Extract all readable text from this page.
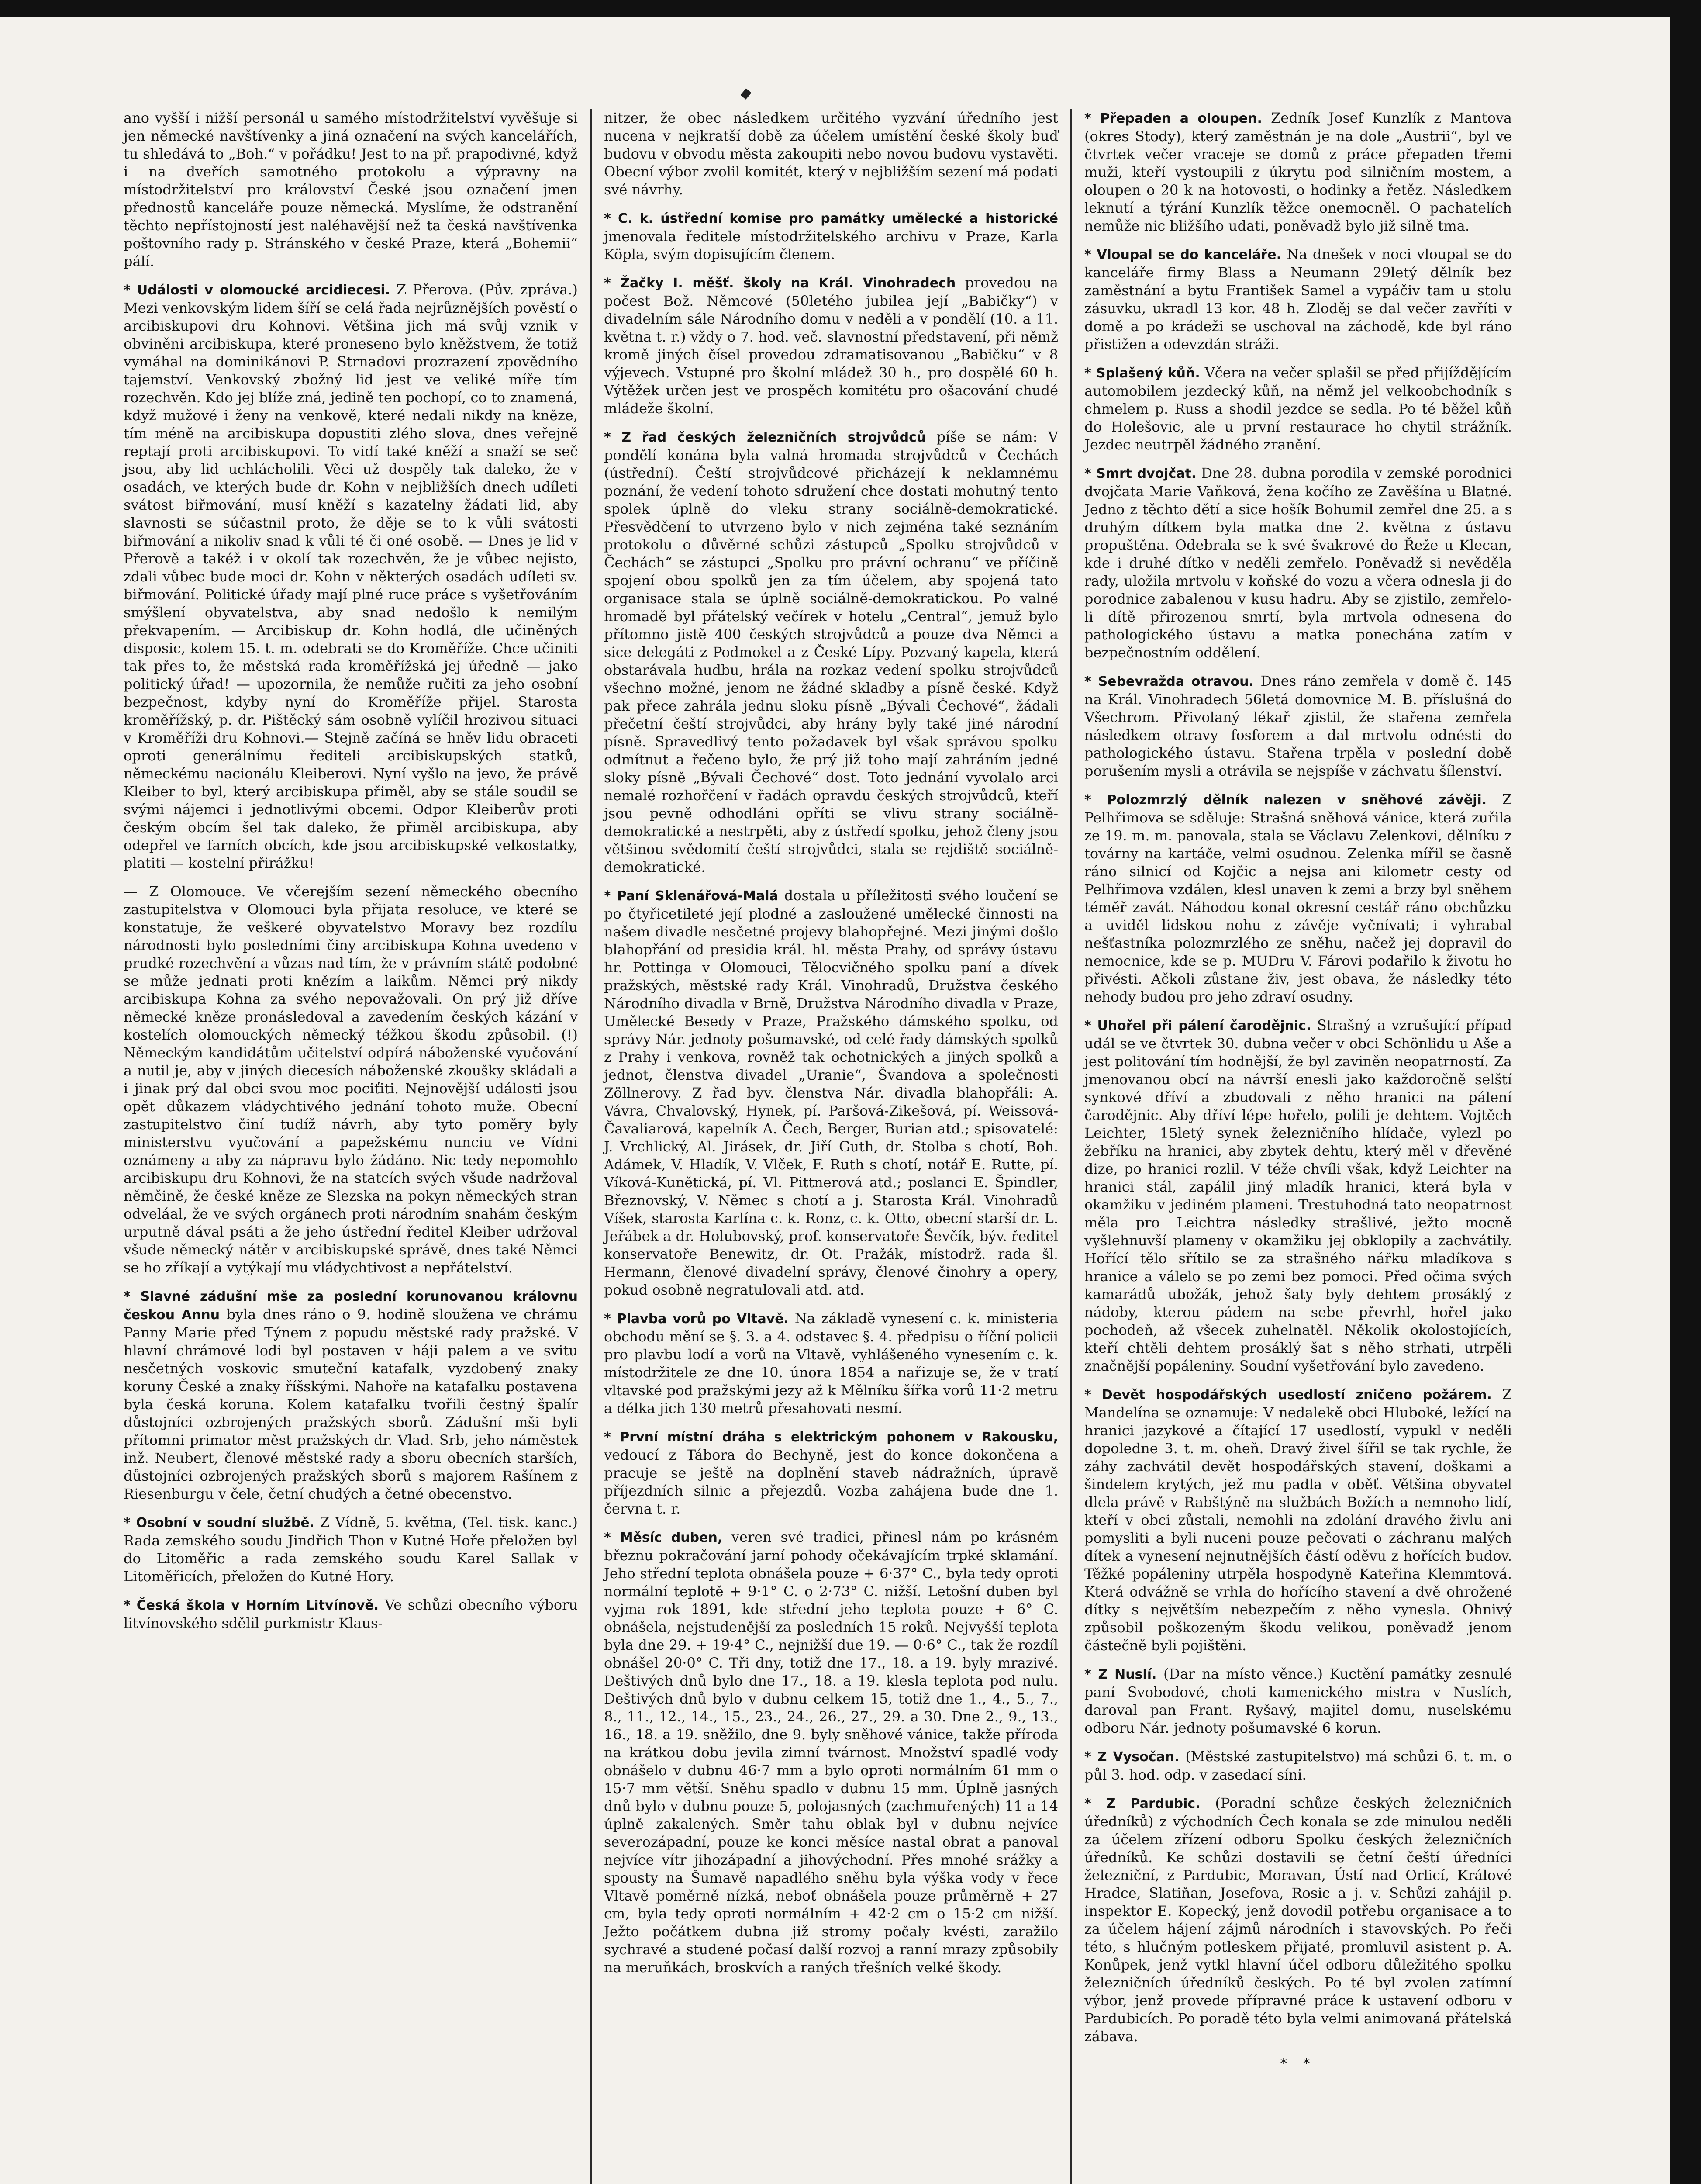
ano vyšší i nižší personál u samého místodržitelství vyvěšuje si jen německé navštívenky a jiná označení na svých kancelářích, tu shledává to „Boh.“ v pořádku! Jest to na př. prapodivné, když i na dveřích samotného protokolu a výpravny na místodržitelství pro království České jsou označení jmen přednostů kanceláře pouze německá. Myslíme, že odstranění těchto nepřístojností jest naléhavější než ta česká navštívenka poštovního rady p. Stránského v české Praze, která „Bohemii“ pálí.

* Události v olomoucké arcidiecesi. Z Přerova. (Pův. zpráva.) Mezi venkovským lidem šíří se celá řada nejrůznějších pověstí o arcibiskupovi dru Kohnovi. Většina jich má svůj vznik v obviněni arcibiskupa, které proneseno bylo kněžstvem, že totiž vymáhal na dominikánovi P. Strnadovi prozrazení zpovědního tajemství. Venkovský zbožný lid jest ve veliké míře tím rozechvěn. Kdo jej blíže zná, jedině ten pochopí, co to znamená, když mužové i ženy na venkově, které nedali nikdy na kněze, tím méně na arcibiskupa dopustiti zlého slova, dnes veřejně reptají proti arcibiskupovi. To vidí také kněží a snaží se seč jsou, aby lid uchlácholili. Věci už dospěly tak daleko, že v osadách, ve kterých bude dr. Kohn v nejbližších dnech udíleti svátost biřmování, musí kněží s kazatelny žádati lid, aby slavnosti se súčastnil proto, že děje se to k vůli svátosti biřmování a nikoliv snad k vůli té či oné osobě. — Dnes je lid v Přerově a takéž i v okolí tak rozechvěn, že je vůbec nejisto, zdali vůbec bude moci dr. Kohn v některých osadách udíleti sv. biřmování. Politické úřady mají plné ruce práce s vyšetřováním smýšlení obyvatelstva, aby snad nedošlo k nemilým překvapením. — Arcibiskup dr. Kohn hodlá, dle učiněných disposic, kolem 15. t. m. odebrati se do Kroměříže. Chce učiniti tak přes to, že městská rada kroměřížská jej úředně — jako politický úřad! — upozornila, že nemůže ručiti za jeho osobní bezpečnost, kdyby nyní do Kroměříže přijel. Starosta kroměřížský, p. dr. Pištěcký sám osobně vylíčil hrozivou situaci v Kroměříži dru Kohnovi.— Stejně začíná se hněv lidu obraceti oproti generálnímu řediteli arcibiskupských statků, německému nacionálu Kleiberovi. Nyní vyšlo na jevo, že právě Kleiber to byl, který arcibiskupa přiměl, aby se stále soudil se svými nájemci i jednotlivými obcemi. Odpor Kleiberův proti českým obcím šel tak daleko, že přiměl arcibiskupa, aby odepřel ve farních obcích, kde jsou arcibiskupské velkostatky, platiti — kostelní přirážku!

— Z Olomouce. Ve včerejším sezení německého obecního zastupitelstva v Olomouci byla přijata resoluce, ve které se konstatuje, že veškeré obyvatelstvo Moravy bez rozdílu národnosti bylo posledními činy arcibiskupa Kohna uvedeno v prudké rozechvění a vůzas nad tím, že v právním státě podobné se může jednati proti knězím a laikům. Němci prý nikdy arcibiskupa Kohna za svého nepovažovali. On prý již dříve německé kněze pronásledoval a zavedením českých kázání v kostelích olomouckých německý téžkou škodu způsobil. (!) Německým kandidátům učitelství odpírá náboženské vyučování a nutil je, aby v jiných diecesích náboženské zkoušky skládali a i jinak prý dal obci svou moc pociťiti. Nejnovější události jsou opět důkazem vládychtivého jednání tohoto muže. Obecní zastupitelstvo činí tudíž návrh, aby tyto poměry byly ministerstvu vyučování a papežskému nunciu ve Vídni oznámeny a aby za nápravu bylo žádáno. Nic tedy nepomohlo arcibiskupu dru Kohnovi, že na statcích svých všude nadržoval němčině, že české kněze ze Slezska na pokyn německých stran odveláal, že ve svých orgánech proti národním snahám českým urputně dával psáti a že jeho ústřední ředitel Kleiber udržoval všude německý nátěr v arcibiskupské správě, dnes také Němci se ho zříkají a vytýkají mu vládychtivost a nepřátelství.

* Slavné zádušní mše za poslední korunovanou královnu českou Annu byla dnes ráno o 9. hodině sloužena ve chrámu Panny Marie před Týnem z popudu městské rady pražské. V hlavní chrámové lodi byl postaven v háji palem a ve svitu nesčetných voskovic smuteční katafalk, vyzdobený znaky koruny České a znaky říšskými. Nahoře na katafalku postavena byla česká koruna. Kolem katafalku tvořili čestný špalír důstojníci ozbrojených pražských sborů. Zádušní mši byli přítomni primator měst pražských dr. Vlad. Srb, jeho náměstek inž. Neubert, členové městské rady a sboru obecních starších, důstojníci ozbrojených pražských sborů s majorem Rašínem z Riesenburgu v čele, četní chudých a četné obecenstvo.

* Osobní v soudní službě. Z Vídně, 5. května, (Tel. tisk. kanc.) Rada zemského soudu Jindřich Thon v Kutné Hoře přeložen byl do Litoměřic a rada zemského soudu Karel Sallak v Litoměřicích, přeložen do Kutné Hory.

* Česká škola v Horním Litvínově. Ve schůzi obecního výboru litvínovského sdělil purkmistr Klaus-

nitzer, že obec následkem určitého vyzvání úředního jest nucena v nejkratší době za účelem umístění české školy buď budovu v obvodu města zakoupiti nebo novou budovu vystavěti. Obecní výbor zvolil komitét, který v nejbližším sezení má podati své návrhy.

* C. k. ústřední komise pro památky umělecké a historické jmenovala ředitele místodržitelského archivu v Praze, Karla Köpla, svým dopisujícím členem.

* Žačky I. měšť. školy na Král. Vinohradech provedou na počest Bož. Němcové (50letého jubilea její „Babičky“) v divadelním sále Národního domu v neděli a v pondělí (10. a 11. května t. r.) vždy o 7. hod. več. slavnostní představení, při němž kromě jiných čísel provedou zdramatisovanou „Babičku“ v 8 výjevech. Vstupné pro školní mládež 30 h., pro dospělé 60 h. Výtěžek určen jest ve prospěch komitétu pro ošacování chudé mládeže školní.

* Z řad českých železničních strojvůdců píše se nám: V pondělí konána byla valná hromada strojvůdců v Čechách (ústřední). Čeští strojvůdcové přicházejí k neklamnému poznání, že vedení tohoto sdružení chce dostati mohutný tento spolek úplně do vleku strany sociálně-demokratické. Přesvědčení to utvrzeno bylo v nich zejména také seznáním protokolu o důvěrné schůzi zástupců „Spolku strojvůdců v Čechách“ se zástupci „Spolku pro právní ochranu“ ve příčině spojení obou spolků jen za tím účelem, aby spojená tato organisace stala se úplně sociálně-demokratickou. Po valné hromadě byl přátelský večírek v hotelu „Central“, jemuž bylo přítomno jistě 400 českých strojvůdců a pouze dva Němci a sice delegáti z Podmokel a z České Lípy. Pozvaný kapela, která obstarávala hudbu, hrála na rozkaz vedení spolku strojvůdců všechno možné, jenom ne žádné skladby a písně české. Když pak přece zahrála jednu sloku písně „Bývali Čechové“, žádali přečetní čeští strojvůdci, aby hrány byly také jiné národní písně. Spravedlivý tento požadavek byl však správou spolku odmítnut a řečeno bylo, že prý již toho mají zahráním jedné sloky písně „Bývali Čechové“ dost. Toto jednání vyvolalo arci nemalé rozhořčení v řadách opravdu českých strojvůdců, kteří jsou pevně odhodláni opříti se vlivu strany sociálně-demokratické a nestrpěti, aby z ústředí spolku, jehož členy jsou většinou svědomití čeští strojvůdci, stala se rejdiště sociálně-demokratické.

* Paní Sklenářová-Malá dostala u příležitosti svého loučení se po čtyřicetileté její plodné a zasloužené umělecké činnosti na našem divadle nesčetné projevy blahopřejné. Mezi jinými došlo blahopřání od presidia král. hl. města Prahy, od správy ústavu hr. Pottinga v Olomouci, Tělocvičného spolku paní a dívek pražských, městské rady Král. Vinohradů, Družstva českého Národního divadla v Brně, Družstva Národního divadla v Praze, Umělecké Besedy v Praze, Pražského dámského spolku, od správy Nár. jednoty pošumavské, od celé řady dámských spolků z Prahy i venkova, rovněž tak ochotnických a jiných spolků a jednot, členstva divadel „Uranie“, Švandova a společnosti Zöllnerovy. Z řad byv. členstva Nár. divadla blahopřáli: A. Vávra, Chvalovský, Hynek, pí. Paršová-Zikešová, pí. Weissová-Čavaliarová, kapelník A. Čech, Berger, Burian atd.; spisovatelé: J. Vrchlický, Al. Jirásek, dr. Jiří Guth, dr. Stolba s chotí, Boh. Adámek, V. Hladík, V. Vlček, F. Ruth s chotí, notář E. Rutte, pí. Víková-Kunětická, pí. Vl. Pittnerová atd.; poslanci E. Špindler, Březnovský, V. Němec s chotí a j. Starosta Král. Vinohradů Víšek, starosta Karlína c. k. Ronz, c. k. Otto, obecní starší dr. L. Jeřábek a dr. Holubovský, prof. konservatoře Ševčík, býv. ředitel konservatoře Benewitz, dr. Ot. Pražák, místodrž. rada šl. Hermann, členové divadelní správy, členové činohry a opery, pokud osobně negratulovali atd. atd.

* Plavba vorů po Vltavě. Na základě vynesení c. k. ministeria obchodu mění se §. 3. a 4. odstavec §. 4. předpisu o říční policii pro plavbu lodí a vorů na Vltavě, vyhlášeného vynesením c. k. místodržitele ze dne 10. února 1854 a nařizuje se, že v tratí vltavské pod pražskými jezy až k Mělníku šířka vorů 11·2 metru a délka jich 130 metrů přesahovati nesmí.

* První místní dráha s elektrickým pohonem v Rakousku, vedoucí z Tábora do Bechyně, jest do konce dokončena a pracuje se ještě na doplnění staveb nádražních, úpravě příjezdních silnic a přejezdů. Vozba zahájena bude dne 1. června t. r.

* Měsíc duben, veren své tradici, přinesl nám po krásném březnu pokračování jarní pohody očekávajícím trpké sklamání. Jeho střední teplota obnášela pouze + 6·37° C., byla tedy oproti normální teplotě + 9·1° C. o 2·73° C. nižší. Letošní duben byl vyjma rok 1891, kde střední jeho teplota pouze + 6° C. obnášela, nejstudenější za posledních 15 roků. Nejvyšší teplota byla dne 29. + 19·4° C., nejnižší due 19. — 0·6° C., tak že rozdíl obnášel 20·0° C. Tři dny, totiž dne 17., 18. a 19. byly mrazivé. Deštivých dnů bylo dne 17., 18. a 19. klesla teplota pod nulu. Deštivých dnů bylo v dubnu celkem 15, totiž dne 1., 4., 5., 7., 8., 11., 12., 14., 15., 23., 24., 26., 27., 29. a 30. Dne 2., 9., 13., 16., 18. a 19. sněžilo, dne 9. byly sněhové vánice, takže příroda na krátkou dobu jevila zimní tvárnost. Množství spadlé vody obnášelo v dubnu 46·7 mm a bylo oproti normálním 61 mm o 15·7 mm větší. Sněhu spadlo v dubnu 15 mm. Úplně jasných dnů bylo v dubnu pouze 5, polojasných (zachmuřených) 11 a 14 úplně zakalených. Směr tahu oblak byl v dubnu nejvíce severozápadní, pouze ke konci měsíce nastal obrat a panoval nejvíce vítr jihozápadní a jihovýchodní. Přes mnohé srážky a spousty na Šumavě napadlého sněhu byla výška vody v řece Vltavě poměrně nízká, neboť obnášela pouze průměrně + 27 cm, byla tedy oproti normálním + 42·2 cm o 15·2 cm nižší. Ježto počátkem dubna již stromy počaly kvésti, zaražilo sychravé a studené počasí další rozvoj a ranní mrazy způsobily na meruňkách, broskvích a raných třešních velké škody.

* Přepaden a oloupen. Zedník Josef Kunzlík z Mantova (okres Stody), který zaměstnán je na dole „Austrii“, byl ve čtvrtek večer vraceje se domů z práce přepaden třemi muži, kteří vystoupili z úkrytu pod silničním mostem, a oloupen o 20 k na hotovosti, o hodinky a řetěz. Následkem leknutí a týrání Kunzlík těžce onemocněl. O pachatelích nemůže nic bližšího udati, poněvadž bylo již silně tma.

* Vloupal se do kanceláře. Na dnešek v noci vloupal se do kanceláře firmy Blass a Neumann 29letý dělník bez zaměstnání a bytu František Samel a vypáčiv tam u stolu zásuvku, ukradl 13 kor. 48 h. Zloděj se dal večer zavříti v domě a po krádeži se uschoval na záchodě, kde byl ráno přistižen a odevzdán stráži.

* Splašený kůň. Včera na večer splašil se před přijíždějícím automobilem jezdecký kůň, na němž jel velkoobchodník s chmelem p. Russ a shodil jezdce se sedla. Po té běžel kůň do Holešovic, ale u první restaurace ho chytil strážník. Jezdec neutrpěl žádného zranění.

* Smrt dvojčat. Dne 28. dubna porodila v zemské porodnici dvojčata Marie Vaňková, žena kočího ze Zavěšína u Blatné. Jedno z těchto dětí a sice hošík Bohumil zemřel dne 25. a s druhým dítkem byla matka dne 2. května z ústavu propuštěna. Odebrala se k své švakrové do Řeže u Klecan, kde i druhé dítko v neděli zemřelo. Poněvadž si nevěděla rady, uložila mrtvolu v koňské do vozu a včera odnesla ji do porodnice zabalenou v kusu hadru. Aby se zjistilo, zemřelo-li dítě přirozenou smrtí, byla mrtvola odnesena do pathologického ústavu a matka ponechána zatím v bezpečnostním oddělení.

* Sebevražda otravou. Dnes ráno zemřela v domě č. 145 na Král. Vinohradech 56letá domovnice M. B. příslušná do Všechrom. Přivolaný lékař zjistil, že stařena zemřela následkem otravy fosforem a dal mrtvolu odnésti do pathologického ústavu. Stařena trpěla v poslední době porušením mysli a otrávila se nejspíše v záchvatu šílenství.

* Polozmrzlý dělník nalezen v sněhové závěji. Z Pelhřimova se sděluje: Strašná sněhová vánice, která zuřila ze 19. m. m. panovala, stala se Václavu Zelenkovi, dělníku z továrny na kartáče, velmi osudnou. Zelenka mířil se časně ráno silnicí od Kojčic a nejsa ani kilometr cesty od Pelhřimova vzdálen, klesl unaven k zemi a brzy byl sněhem téměř zavát. Náhodou konal okresní cestář ráno obchůzku a uviděl lidskou nohu z závěje vyčnívati; i vyhrabal nešťastníka polozmrzlého ze sněhu, načež jej dopravil do nemocnice, kde se p. MUDru V. Fárovi podařilo k životu ho přivésti. Ačkoli zůstane živ, jest obava, že následky této nehody budou pro jeho zdraví osudny.

* Uhořel při pálení čarodějnic. Strašný a vzrušující případ udál se ve čtvrtek 30. dubna večer v obci Schönlidu u Aše a jest politování tím hodnější, že byl zaviněn neopatrností. Za jmenovanou obcí na návrší enesli jako každoročně selští synkové dříví a zbudovali z něho hranici na pálení čarodějnic. Aby dříví lépe hořelo, polili je dehtem. Vojtěch Leichter, 15letý synek železničního hlídače, vylezl po žebříku na hranici, aby zbytek dehtu, který měl v dřevěné dize, po hranici rozlil. V téže chvíli však, když Leichter na hranici stál, zapálil jiný mladík hranici, která byla v okamžiku v jediném plameni. Trestuhodná tato neopatrnost měla pro Leichtra následky strašlivé, ježto mocně vyšlehnuvší plameny v okamžiku jej obklopily a zachvátily. Hořící tělo sřítilo se za strašného nářku mladíkova s hranice a válelo se po zemi bez pomoci. Před očima svých kamarádů ubožák, jehož šaty byly dehtem prosáklý z nádoby, kterou pádem na sebe převrhl, hořel jako pochodeň, až všecek zuhelnatěl. Několik okolostojících, kteří chtěli dehtem prosáklý šat s něho strhati, utrpěli značnější popáleniny. Soudní vyšetřování bylo zavedeno.

* Devět hospodářských usedlostí zničeno požárem. Z Mandelína se oznamuje: V nedalekě obci Hluboké, ležící na hranici jazykové a čítající 17 usedlostí, vypukl v neděli dopoledne 3. t. m. oheň. Dravý živel šířil se tak rychle, že záhy zachvátil devět hospodářských stavení, doškami a šindelem krytých, jež mu padla v oběť. Většina obyvatel dlela právě v Rabštýně na službách Božích a nemnoho lidí, kteří v obci zůstali, nemohli na zdolání dravého živlu ani pomysliti a byli nuceni pouze pečovati o záchranu malých dítek a vynesení nejnutnějších částí oděvu z hořících budov. Těžké popáleniny utrpěla hospodyně Kateřina Klemmtová. Která odvážně se vrhla do hořícího stavení a dvě ohrožené dítky s největším nebezpečím z něho vynesla. Ohnivý způsobil poškozeným škodu velikou, poněvadž jenom částečně byli pojištěni.

* Z Nuslí. (Dar na místo věnce.) Kuctění památky zesnulé paní Svobodové, choti kamenického mistra v Nuslích, daroval pan Frant. Ryšavý, majitel domu, nuselskému odboru Nár. jednoty pošumavské 6 korun.

* Z Vysočan. (Městské zastupitelstvo) má schůzi 6. t. m. o půl 3. hod. odp. v zasedací síni.

* Z Pardubic. (Poradní schůze českých železničních úředníků) z východních Čech konala se zde minulou neděli za účelem zřízení odboru Spolku českých železničních úředníků. Ke schůzi dostavili se četní čeští úředníci železniční, z Pardubic, Moravan, Ústí nad Orlicí, Králové Hradce, Slatiňan, Josefova, Rosic a j. v. Schůzi zahájil p. inspektor E. Kopecký, jenž dovodil potřebu organisace a to za účelem hájení zájmů národních i stavovských. Po řeči této, s hlučným potleskem přijaté, promluvil asistent p. A. Konůpek, jenž vytkl hlavní účel odboru důležitého spolku železničních úředníků českých. Po té byl zvolen zatímní výbor, jenž provede přípravné práce k ustavení odboru v Pardubicích. Po poradě této byla velmi animovaná přátelská zábava.

* *
